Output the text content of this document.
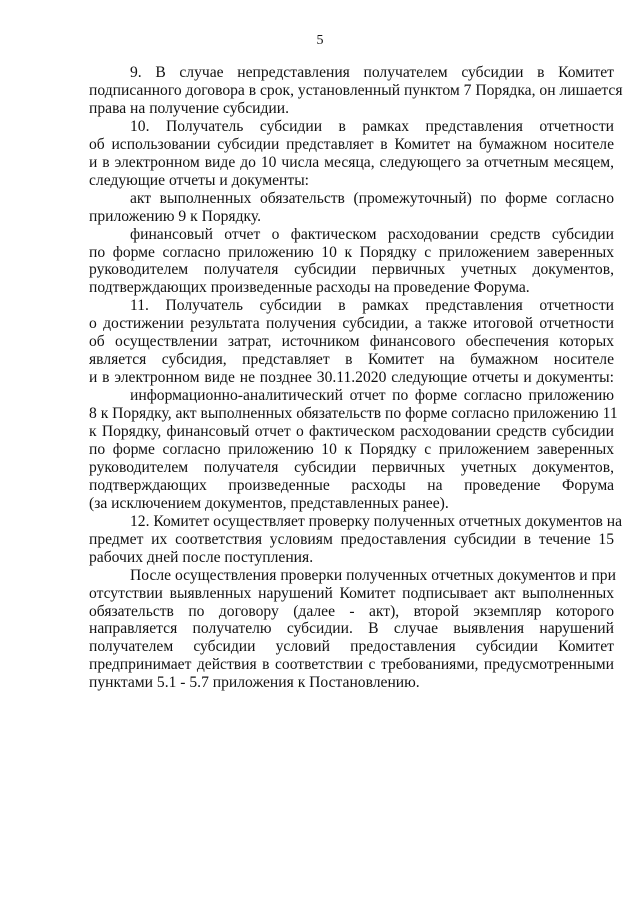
5
9. В случае непредставления получателем субсидии в Комитет
подписанного договора в срок, установленный пунктом 7 Порядка, он лишается
права на получение субсидии.
10. Получатель субсидии в рамках представления отчетности
об использовании субсидии представляет в Комитет на бумажном носителе
и в электронном виде до 10 числа месяца, следующего за отчетным месяцем,
следующие отчеты и документы:
акт выполненных обязательств (промежуточный) по форме согласно
приложению 9 к Порядку.
финансовый отчет о фактическом расходовании средств субсидии
по форме согласно приложению 10 к Порядку с приложением заверенных
руководителем получателя субсидии первичных учетных документов,
подтверждающих произведенные расходы на проведение Форума.
11. Получатель субсидии в рамках представления отчетности
о достижении результата получения субсидии, а также итоговой отчетности
об осуществлении затрат, источником финансового обеспечения которых
является субсидия, представляет в Комитет на бумажном носителе
и в электронном виде не позднее 30.11.2020 следующие отчеты и документы:
информационно-аналитический отчет по форме согласно приложению
8 к Порядку, акт выполненных обязательств по форме согласно приложению 11
к Порядку, финансовый отчет о фактическом расходовании средств субсидии
по форме согласно приложению 10 к Порядку с приложением заверенных
руководителем получателя субсидии первичных учетных документов,
подтверждающих произведенные расходы на проведение Форума
(за исключением документов, представленных ранее).
12. Комитет осуществляет проверку полученных отчетных документов на
предмет их соответствия условиям предоставления субсидии в течение 15
рабочих дней после поступления.
После осуществления проверки полученных отчетных документов и при
отсутствии выявленных нарушений Комитет подписывает акт выполненных
обязательств по договору (далее - акт), второй экземпляр которого
направляется получателю субсидии. В случае выявления нарушений
получателем субсидии условий предоставления субсидии Комитет
предпринимает действия в соответствии с требованиями, предусмотренными
пунктами 5.1 - 5.7 приложения к Постановлению.
